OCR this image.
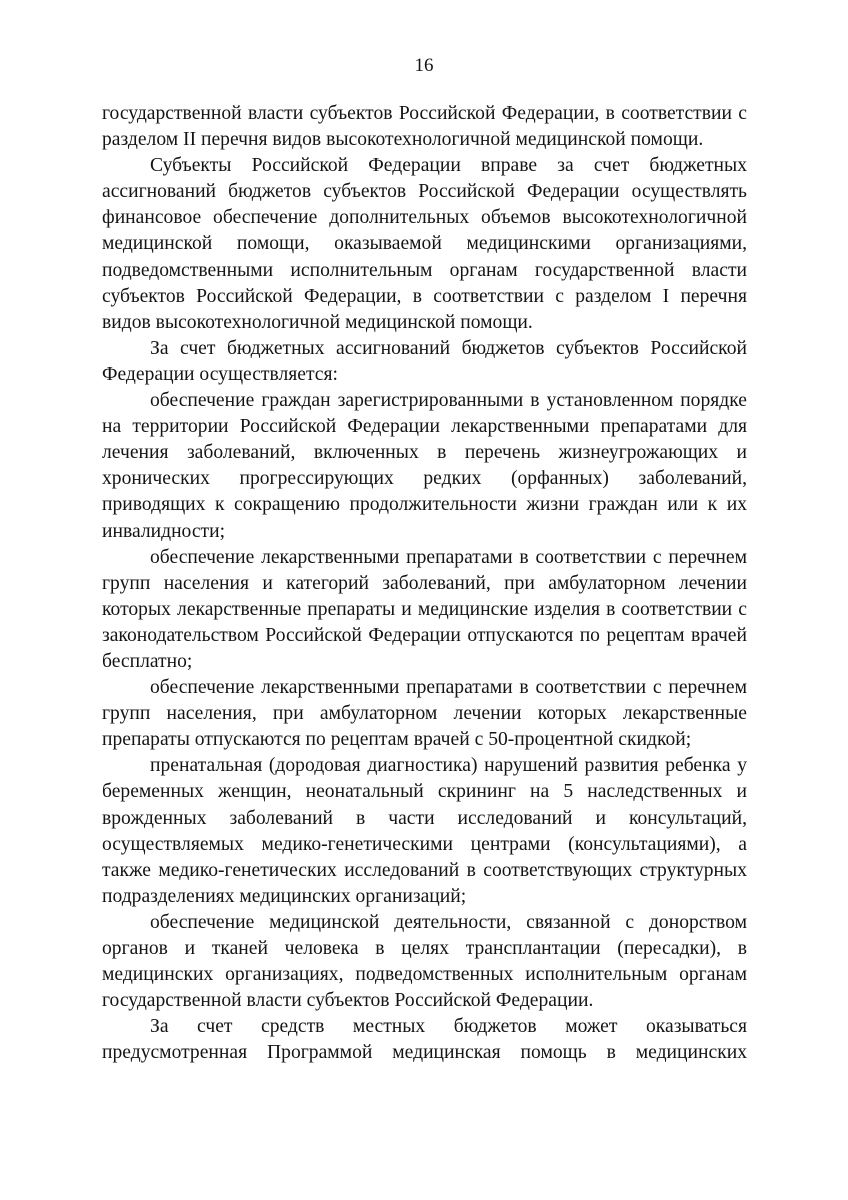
16

государственной власти субъектов Российской Федерации, в соответствии с разделом II перечня видов высокотехнологичной медицинской помощи.

Субъекты Российской Федерации вправе за счет бюджетных ассигнований бюджетов субъектов Российской Федерации осуществлять финансовое обеспечение дополнительных объемов высокотехнологичной медицинской помощи, оказываемой медицинскими организациями, подведомственными исполнительным органам государственной власти субъектов Российской Федерации, в соответствии с разделом I перечня видов высокотехнологичной медицинской помощи.

За счет бюджетных ассигнований бюджетов субъектов Российской Федерации осуществляется:

обеспечение граждан зарегистрированными в установленном порядке на территории Российской Федерации лекарственными препаратами для лечения заболеваний, включенных в перечень жизнеугрожающих и хронических прогрессирующих редких (орфанных) заболеваний, приводящих к сокращению продолжительности жизни граждан или к их инвалидности;

обеспечение лекарственными препаратами в соответствии с перечнем групп населения и категорий заболеваний, при амбулаторном лечении которых лекарственные препараты и медицинские изделия в соответствии с законодательством Российской Федерации отпускаются по рецептам врачей бесплатно;

обеспечение лекарственными препаратами в соответствии с перечнем групп населения, при амбулаторном лечении которых лекарственные препараты отпускаются по рецептам врачей с 50-процентной скидкой;

пренатальная (дородовая диагностика) нарушений развития ребенка у беременных женщин, неонатальный скрининг на 5 наследственных и врожденных заболеваний в части исследований и консультаций, осуществляемых медико-генетическими центрами (консультациями), а также медико-генетических исследований в соответствующих структурных подразделениях медицинских организаций;

обеспечение медицинской деятельности, связанной с донорством органов и тканей человека в целях трансплантации (пересадки), в медицинских организациях, подведомственных исполнительным органам государственной власти субъектов Российской Федерации.

За счет средств местных бюджетов может оказываться предусмотренная Программой медицинская помощь в медицинских
